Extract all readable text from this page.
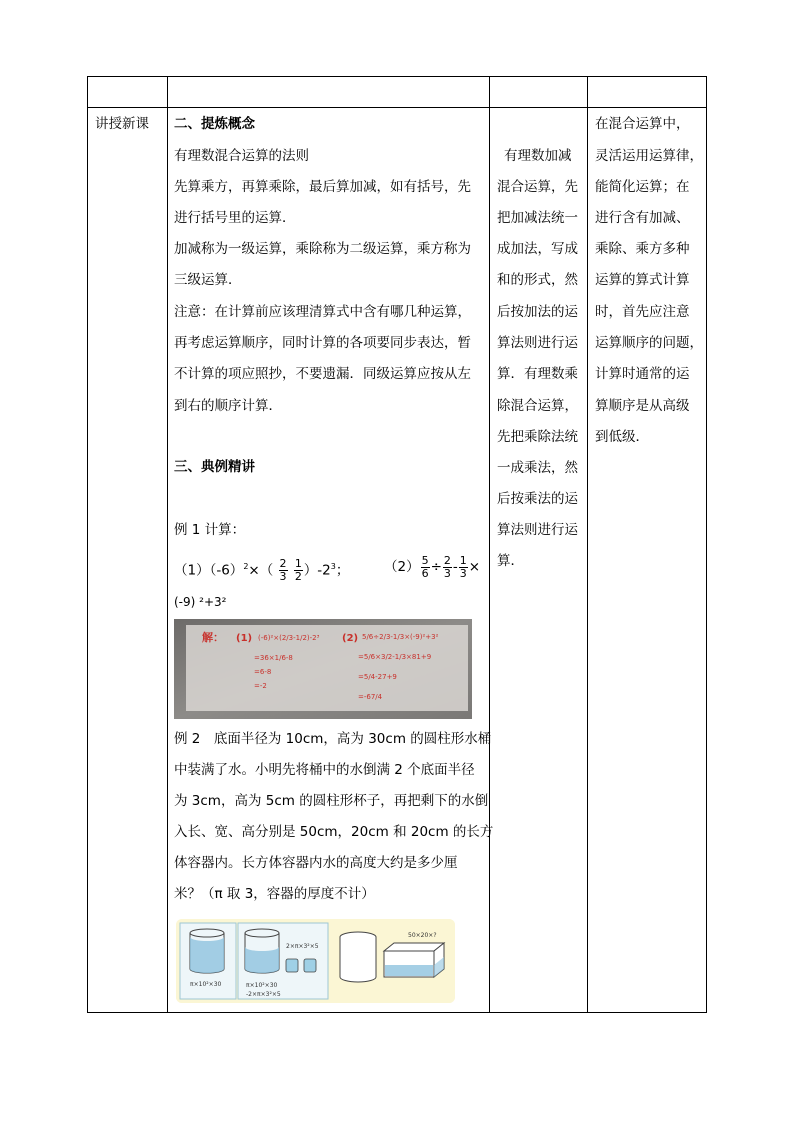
讲授新课 二、提炼概念
有理数混合运算的法则
先算乘方，再算乘除，最后算加减，如有括号，先
进行括号里的运算．
加减称为一级运算，乘除称为二级运算，乘方称为
三级运算．
注意：在计算前应该理清算式中含有哪几种运算，
再考虑运算顺序，同时计算的各项要同步表达，暂
不计算的项应照抄，不要遗漏．同级运算应按从左
到右的顺序计算．
三、典例精讲
例 1 计算：
$(1)(-6)^2\times( \frac{2}{3}$
$\frac{1}{2} )-2^3$；	$(2) \frac{5}{6} \div \frac{2}{3} - \frac{1}{3}$ ×
(-9) ²+3²
解： (1) (-6)²×(2/3-1/2)-2³
=36×1/6-8
=6-8
=-2
(2) 5/6÷2/3-1/3×(-9)²+3²
=5/6×3/2-1/3×81+9
=5/4-27+9
=-67/4
例 2　底面半径为 10cm，高为 30cm 的圆柱形水桶
中装满了水。小明先将桶中的水倒满 2 个底面半径
为 3cm，高为 5cm 的圆柱形杯子，再把剩下的水倒
入长、宽、高分别是 50cm，20cm 和 20cm 的长方
体容器内。长方体容器内水的高度大约是多少厘
米？（π 取 3，容器的厚度不计）
π×10²×30
2×π×3²×5
π×10²×30
-2×π×3²×5
50×20×?
有理数加减
混合运算，先
把加减法统一
成加法，写成
和的形式，然
后按加法的运
算法则进行运
算．有理数乘
除混合运算，
先把乘除法统
一成乘法，然
后按乘法的运
算法则进行运
算．
在混合运算中，
灵活运用运算律，
能简化运算；在
进行含有加减、
乘除、乘方多种
运算的算式计算
时，首先应注意
运算顺序的问题，
计算时通常的运
算顺序是从高级
到低级．
